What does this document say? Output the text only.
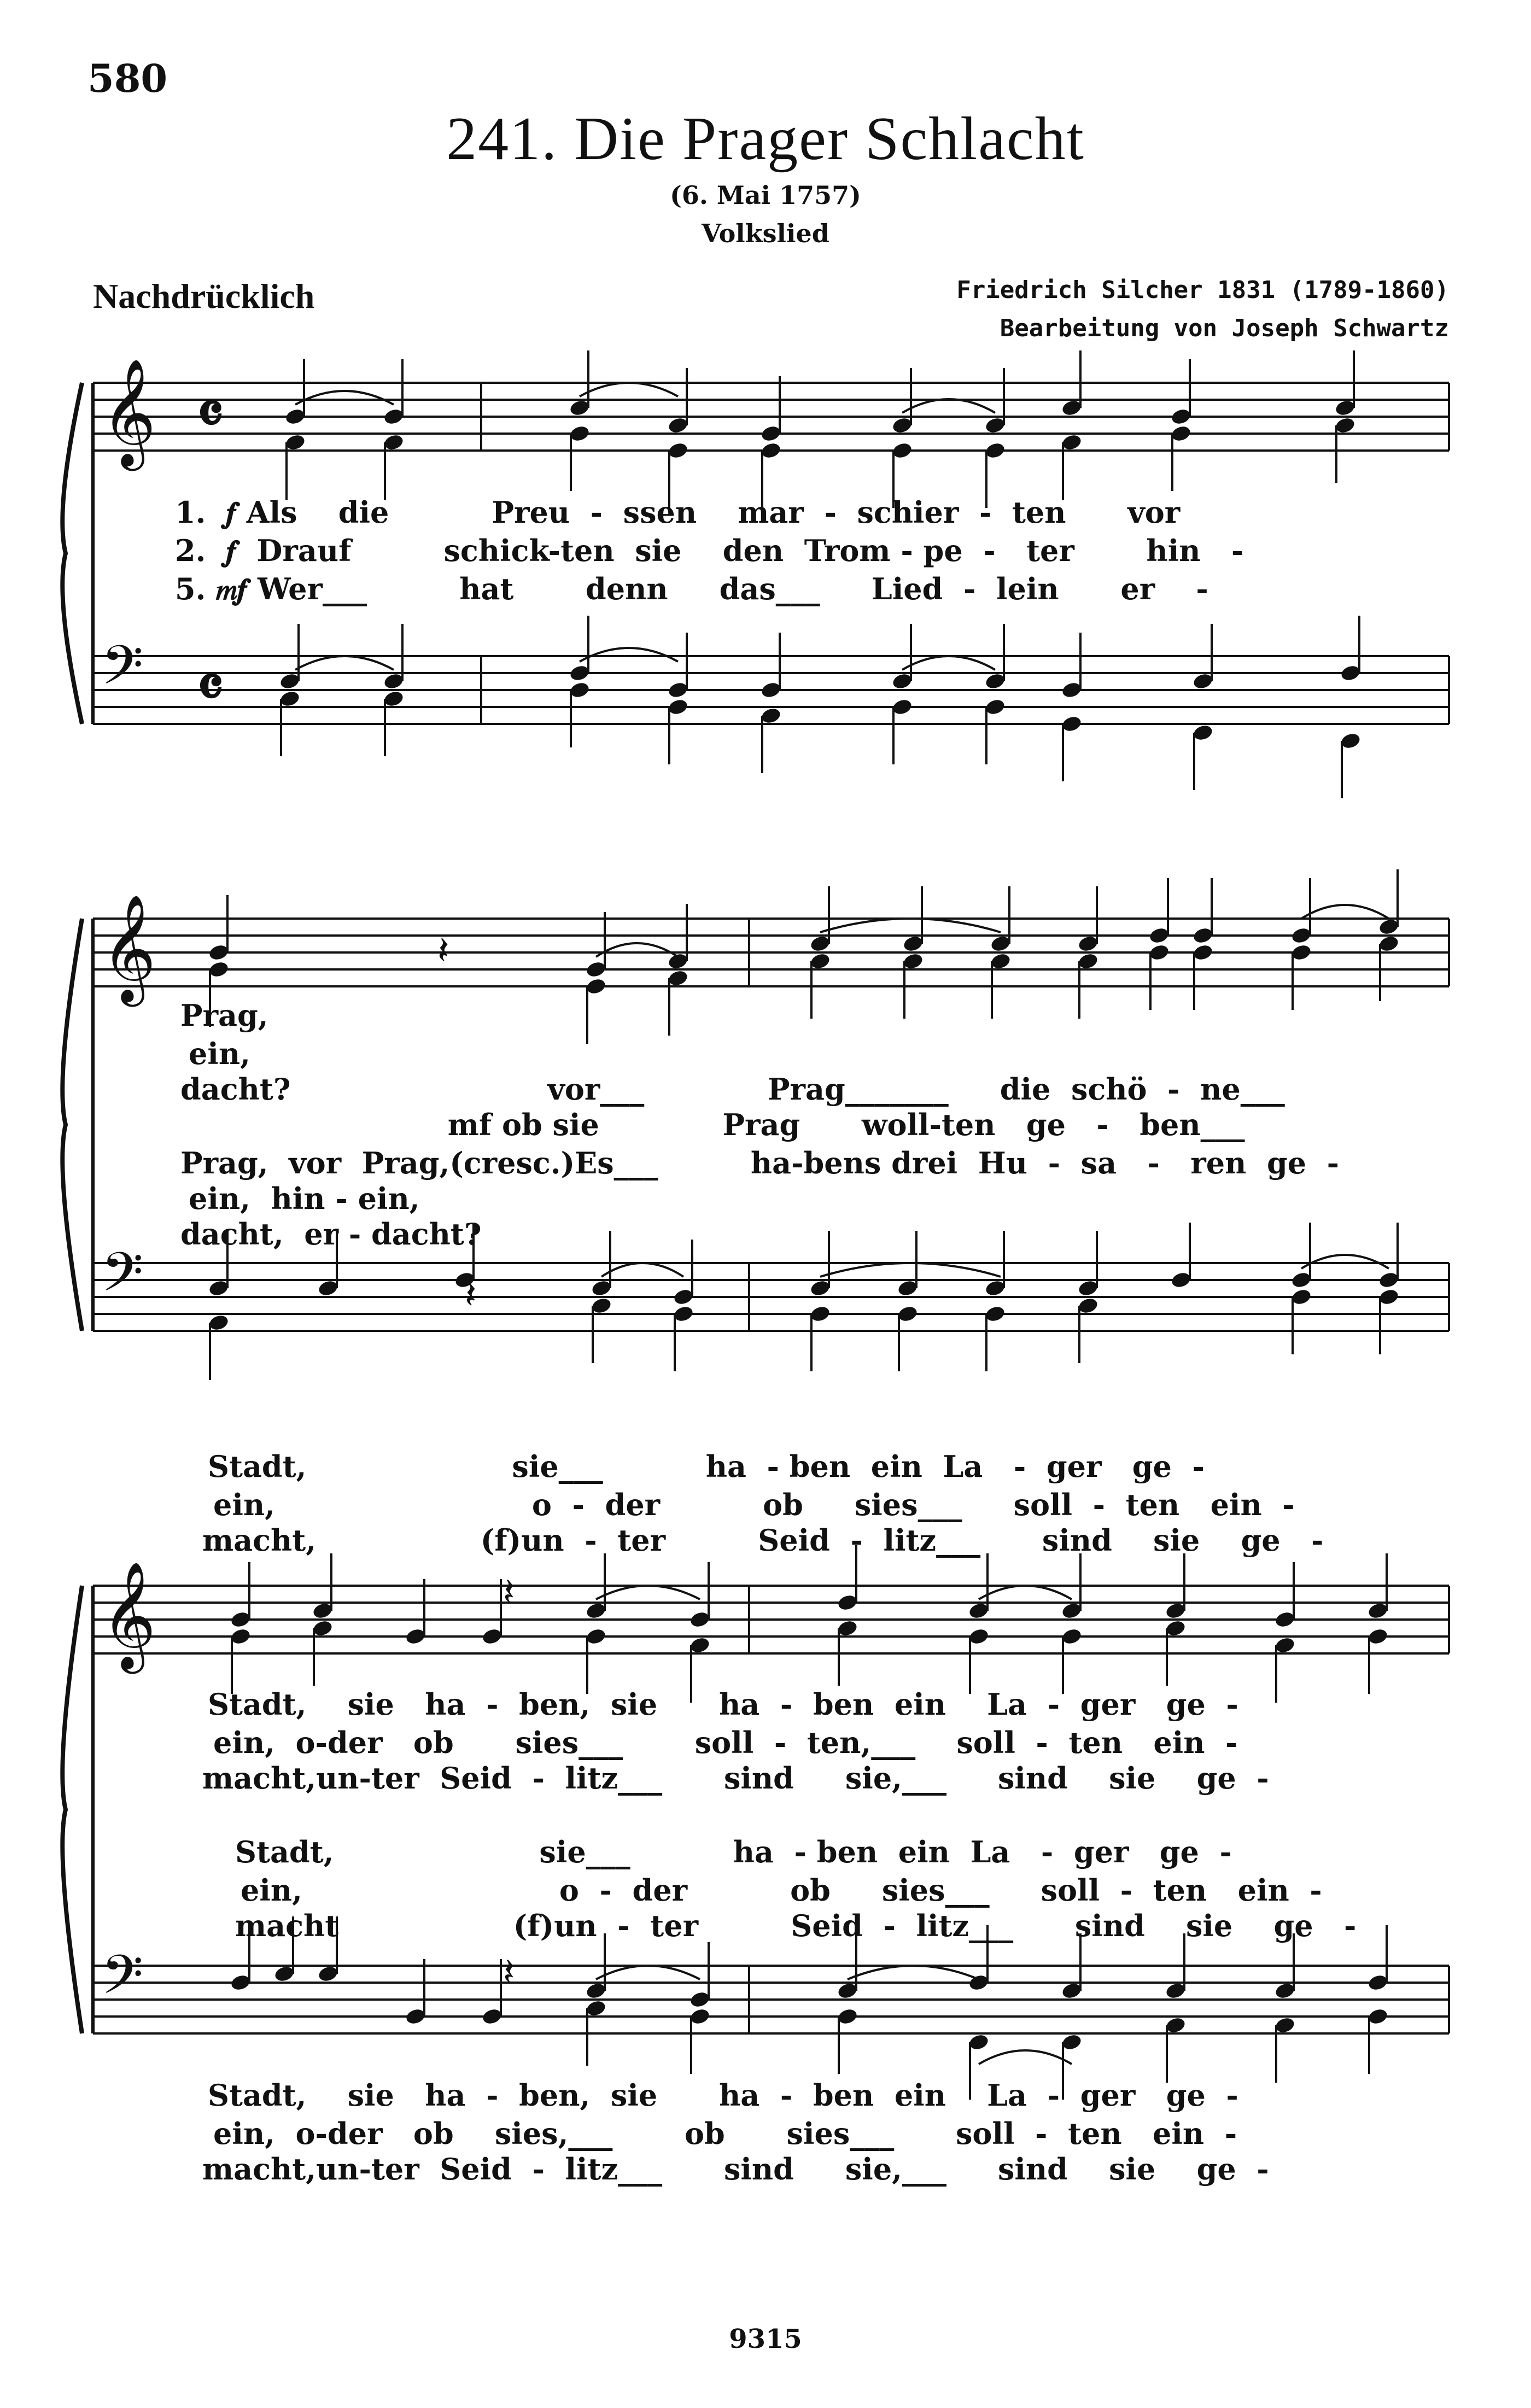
580
241. Die Prager Schlacht
(6. Mai 1757)
Volkslied
Nachdrücklich	Friedrich Silcher 1831 (1789-1860)
Bearbeitung von Joseph Schwartz
𝄞
𝄢
𝄞
𝄢
𝄞
𝄢
𝄴
𝄴
𝄽
𝄽
𝄽
𝄽
1.  𝆑 Als    die          Preu  -  ssen    mar  -  schier  -  ten      vor
2.  𝆑  Drauf         schick-ten  sie    den  Trom - pe  -   ter       hin   -
5. 𝆐𝆑 Wer___         hat       denn     das___     Lied  -  lein      er    -
Prag,
ein,
dacht?                         vor___            Prag_______     die  schö  -  ne___
mf ob sie            Prag      woll-ten   ge   -   ben___
Prag,  vor  Prag,(cresc.)Es___         ha-bens drei  Hu  -  sa   -   ren  ge  -
ein,  hin - ein,
dacht,  er - dacht?
Stadt,                    sie___          ha  - ben  ein  La   -  ger   ge  -
ein,                         o  -  der          ob     sies___     soll  -  ten   ein  -
macht,                (f)un  -  ter         Seid  -  litz___      sind    sie    ge   -
Stadt,    sie   ha  -  ben,  sie      ha  -  ben  ein    La  -  ger   ge  -
ein,  o-der   ob      sies___       soll  -  ten,___    soll  -  ten   ein  -
macht,un-ter  Seid  -  litz___      sind     sie,___     sind    sie    ge  -
Stadt,                    sie___          ha  - ben  ein  La   -  ger   ge  -
ein,                         o  -  der          ob     sies___     soll  -  ten   ein  -
macht                 (f)un  -  ter         Seid  -  litz___      sind    sie    ge   -
Stadt,    sie   ha  -  ben,  sie      ha  -  ben  ein    La  -  ger   ge  -
ein,  o-der   ob    sies,___       ob      sies___      soll  -  ten   ein  -
macht,un-ter  Seid  -  litz___      sind     sie,___     sind    sie    ge  -
9315
